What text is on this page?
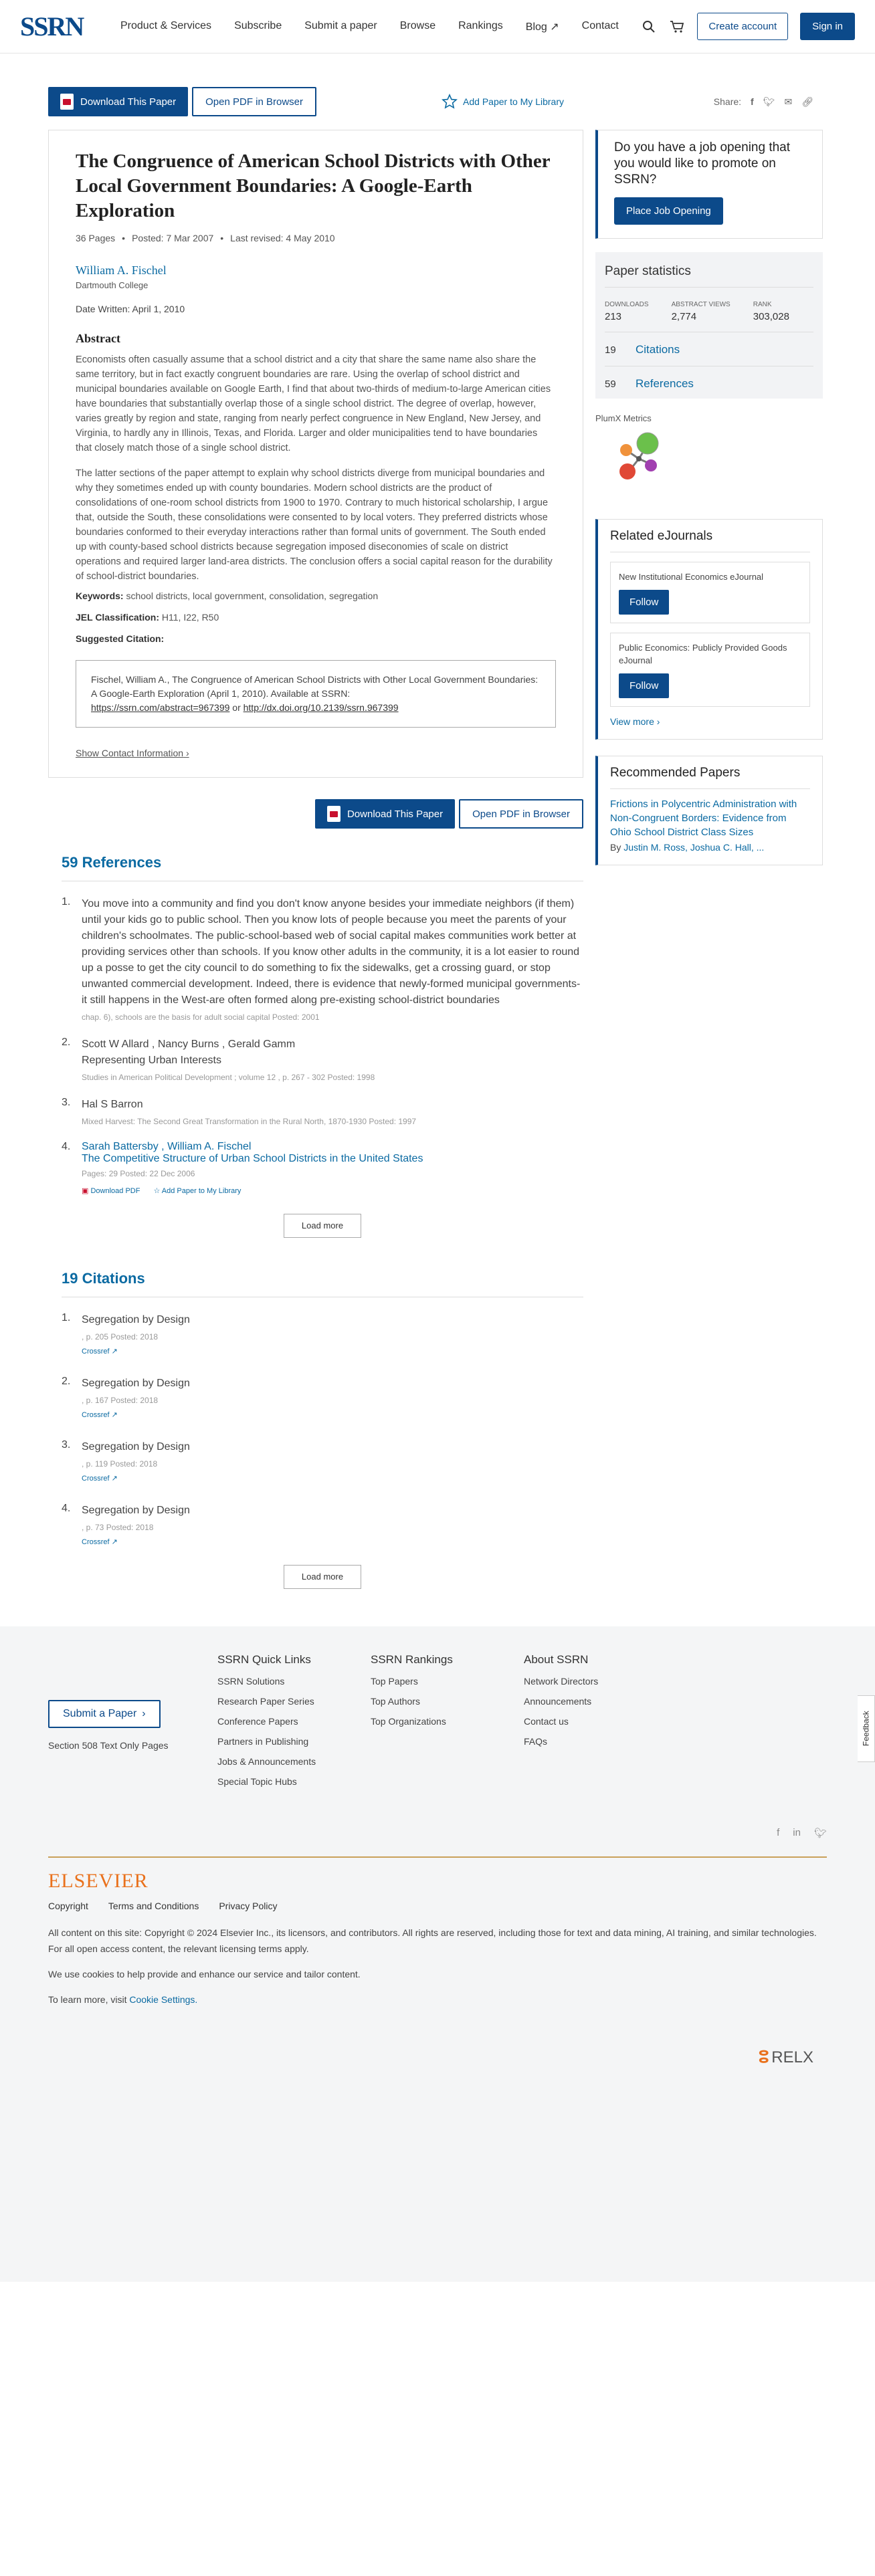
SSRN	Product & Services Subscribe Submit a paper Browse Rankings Blog ↗ Contact	Create account	Sign in
Download This Paper	Open PDF in Browser	Add Paper to My Library	Share: f 🐦︎ ✉ 🔗︎
The Congruence of American School Districts with Other Local Government Boundaries: A Google-Earth Exploration
36 Pages • Posted: 7 Mar 2007 • Last revised: 4 May 2010
William A. Fischel
Dartmouth College
Date Written: April 1, 2010
Abstract

Economists often casually assume that a school district and a city that share the same name also share the same territory, but in fact exactly congruent boundaries are rare. Using the overlap of school district and municipal boundaries available on Google Earth, I find that about two-thirds of medium-to-large American cities have boundaries that substantially overlap those of a single school district. The degree of overlap, however, varies greatly by region and state, ranging from nearly perfect congruence in New England, New Jersey, and Virginia, to hardly any in Illinois, Texas, and Florida. Larger and older municipalities tend to have boundaries that closely match those of a single school district.

The latter sections of the paper attempt to explain why school districts diverge from municipal boundaries and why they sometimes ended up with county boundaries. Modern school districts are the product of consolidations of one-room school districts from 1900 to 1970. Contrary to much historical scholarship, I argue that, outside the South, these consolidations were consented to by local voters. They preferred districts whose boundaries conformed to their everyday interactions rather than formal units of government. The South ended up with county-based school districts because segregation imposed diseconomies of scale on district operations and required larger land-area districts. The conclusion offers a social capital reason for the durability of school-district boundaries.

Keywords: school districts, local government, consolidation, segregation
JEL Classification: H11, I22, R50
Suggested Citation:
Fischel, William A., The Congruence of American School Districts with Other Local Government Boundaries: A Google-Earth Exploration (April 1, 2010). Available at SSRN:
https://ssrn.com/abstract=967399 or http://dx.doi.org/10.2139/ssrn.967399
Show Contact Information ›
Download This Paper	Open PDF in Browser
59 References
1.	You move into a community and find you don't know anyone besides your immediate neighbors (if them) until your kids go to public school. Then you know lots of people because you meet the parents of your children's schoolmates. The public-school-based web of social capital makes communities work better at providing services other than schools. If you know other adults in the community, it is a lot easier to round up a posse to get the city council to do something to fix the sidewalks, get a crossing guard, or stop unwanted commercial development. Indeed, there is evidence that newly-formed municipal governments-it still happens in the West-are often formed along pre-existing school-district boundaries
chap. 6), schools are the basis for adult social capital Posted: 2001
2.	Scott W Allard , Nancy Burns , Gerald Gamm
Representing Urban Interests
Studies in American Political Development ; volume 12 , p. 267 - 302 Posted: 1998
3.	Hal S Barron
Mixed Harvest: The Second Great Transformation in the Rural North, 1870-1930 Posted: 1997
4.	Sarah Battersby , William A. Fischel
The Competitive Structure of Urban School Districts in the United States
Pages: 29 Posted: 22 Dec 2006
▣ Download PDF ☆ Add Paper to My Library
Load more
19 Citations
1.	Segregation by Design
, p. 205 Posted: 2018
Crossref ↗
2.	Segregation by Design
, p. 167 Posted: 2018
Crossref ↗
3.	Segregation by Design
, p. 119 Posted: 2018
Crossref ↗
4.	Segregation by Design
, p. 73 Posted: 2018
Crossref ↗
Load more
Do you have a job opening that you would like to promote on SSRN?
Place Job Opening
Paper statistics
DOWNLOADS
213
ABSTRACT VIEWS
2,774
RANK
303,028
19 Citations
59 References
PlumX Metrics
Related eJournals
New Institutional Economics eJournal
Follow
Public Economics: Publicly Provided Goods eJournal
Follow
View more ›
Recommended Papers
Frictions in Polycentric Administration with Non-Congruent Borders: Evidence from Ohio School District Class Sizes
By Justin M. Ross, Joshua C. Hall, ...
Submit a Paper ›
Section 508 Text Only Pages
SSRN Quick Links
SSRN Solutions
Research Paper Series
Conference Papers
Partners in Publishing
Jobs & Announcements
Special Topic Hubs
SSRN Rankings
Top Papers
Top Authors
Top Organizations
About SSRN
Network Directors
Announcements
Contact us
FAQs
f in 🐦︎
ELSEVIER
Copyright Terms and Conditions Privacy Policy

All content on this site: Copyright © 2024 Elsevier Inc., its licensors, and contributors. All rights are reserved, including those for text and data mining, AI training, and similar technologies. For all open access content, the relevant licensing terms apply.

We use cookies to help provide and enhance our service and tailor content.

To learn more, visit Cookie Settings.

ⵓ RELX
Feedback
